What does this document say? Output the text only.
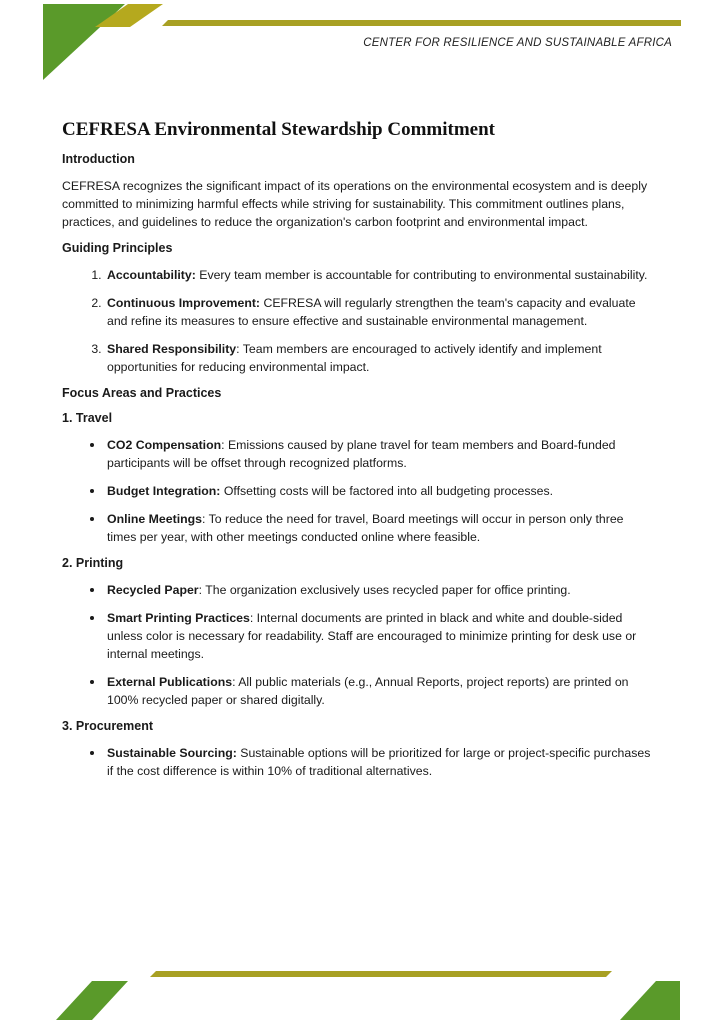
CENTER FOR RESILIENCE AND SUSTAINABLE AFRICA
CEFRESA Environmental Stewardship Commitment
Introduction

CEFRESA recognizes the significant impact of its operations on the environmental ecosystem and is deeply committed to minimizing harmful effects while striving for sustainability. This commitment outlines plans, practices, and guidelines to reduce the organization's carbon footprint and environmental impact.

Guiding Principles
1. Accountability: Every team member is accountable for contributing to environmental sustainability.
2. Continuous Improvement: CEFRESA will regularly strengthen the team's capacity and evaluate and refine its measures to ensure effective and sustainable environmental management.
3. Shared Responsibility: Team members are encouraged to actively identify and implement opportunities for reducing environmental impact.
Focus Areas and Practices
1. Travel
• CO2 Compensation: Emissions caused by plane travel for team members and Board-funded participants will be offset through recognized platforms.
• Budget Integration: Offsetting costs will be factored into all budgeting processes.
• Online Meetings: To reduce the need for travel, Board meetings will occur in person only three times per year, with other meetings conducted online where feasible.
2. Printing
• Recycled Paper: The organization exclusively uses recycled paper for office printing.
• Smart Printing Practices: Internal documents are printed in black and white and double-sided unless color is necessary for readability. Staff are encouraged to minimize printing for desk use or internal meetings.
• External Publications: All public materials (e.g., Annual Reports, project reports) are printed on 100% recycled paper or shared digitally.
3. Procurement
• Sustainable Sourcing: Sustainable options will be prioritized for large or project-specific purchases if the cost difference is within 10% of traditional alternatives.
